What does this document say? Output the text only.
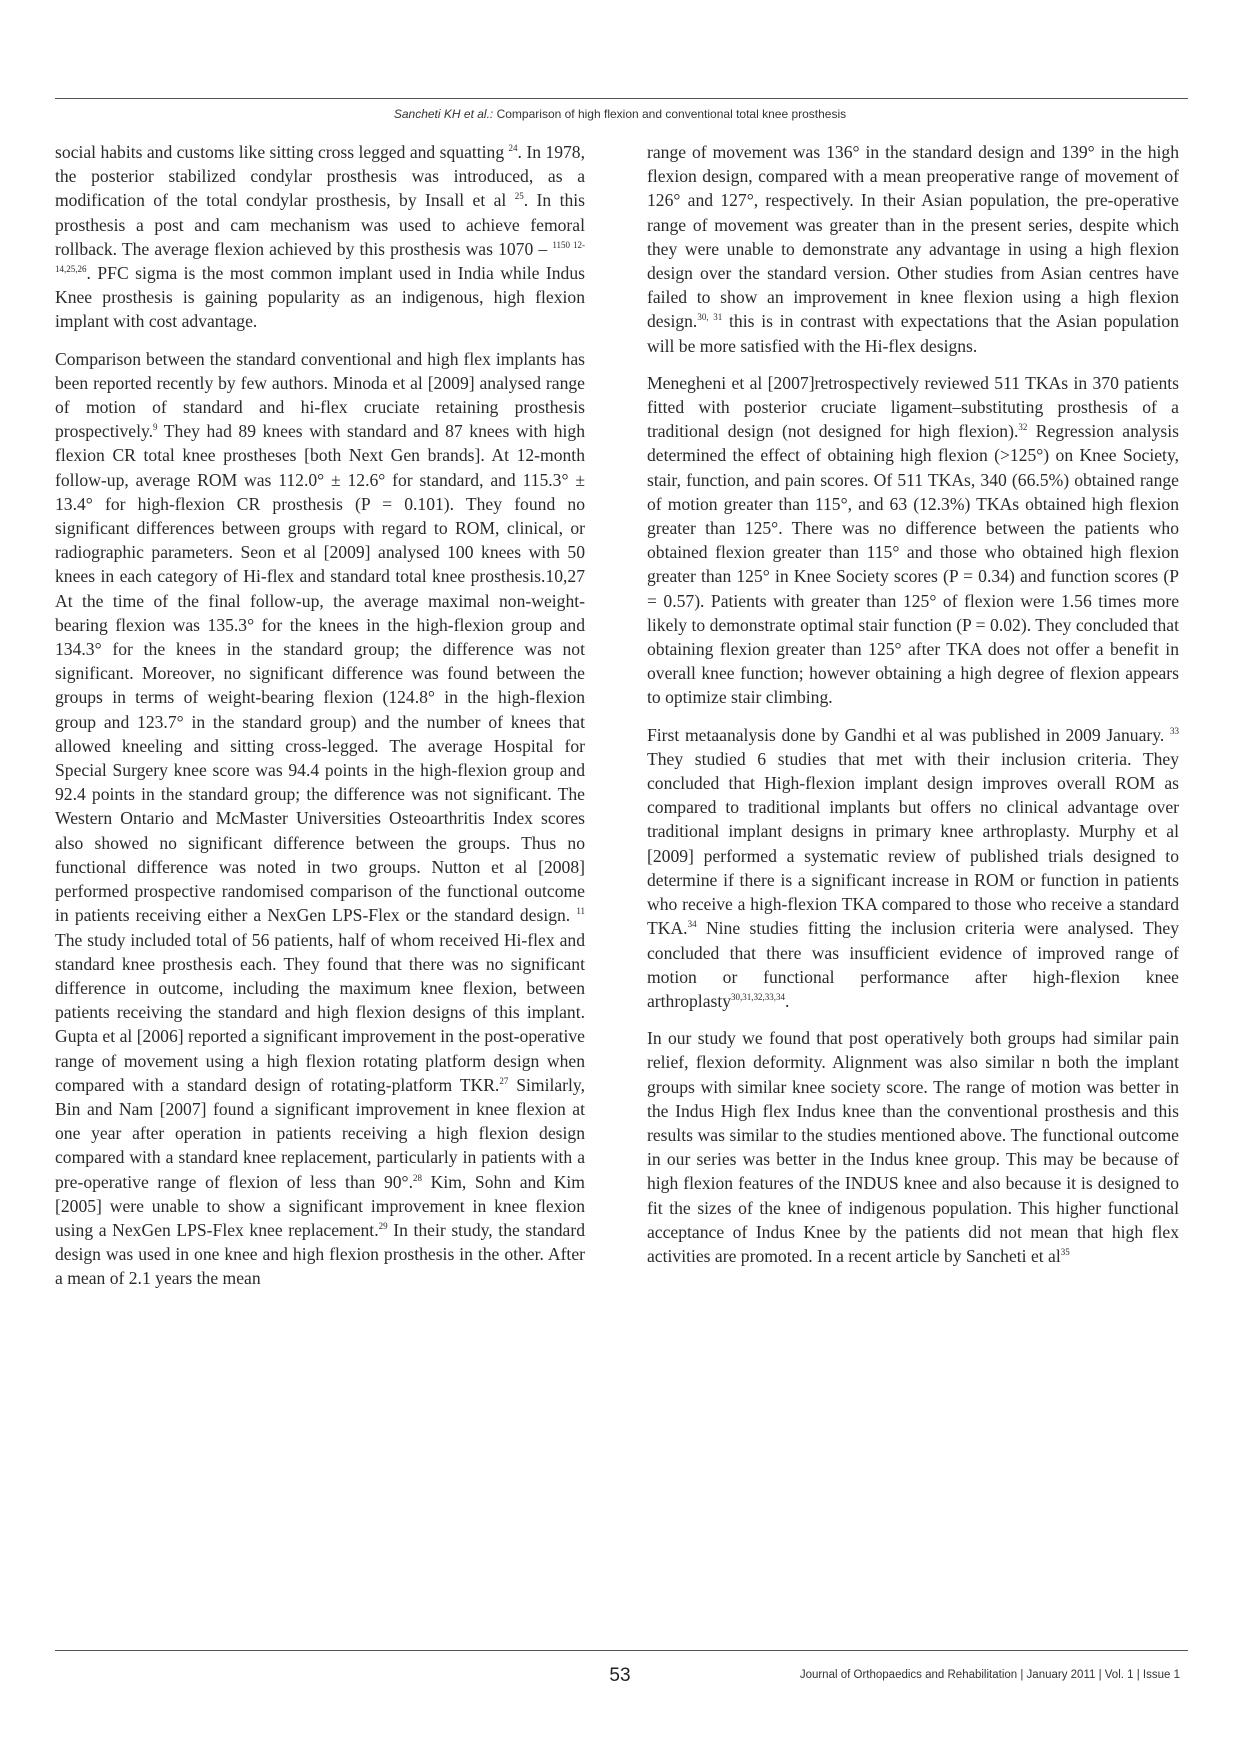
Sancheti KH et al.: Comparison of high flexion and conventional total knee prosthesis

social habits and customs like sitting cross legged and squatting $^{24}$. In 1978, the posterior stabilized condylar prosthesis was introduced, as a modification of the total condylar prosthesis, by Insall et al $^{25}$. In this prosthesis a post and cam mechanism was used to achieve femoral rollback. The average flexion achieved by this prosthesis was 1070 – $^{1150 12-14,25,26}$. PFC sigma is the most common implant used in India while Indus Knee prosthesis is gaining popularity as an indigenous, high flexion implant with cost advantage.

Comparison between the standard conventional and high flex implants has been reported recently by few authors. Minoda et al [2009] analysed range of motion of standard and hi-flex cruciate retaining prosthesis prospectively.$^9$ They had 89 knees with standard and 87 knees with high flexion CR total knee prostheses [both Next Gen brands]. At 12-month follow-up, average ROM was 112.0° ± 12.6° for standard, and 115.3° ± 13.4° for high-flexion CR prosthesis (P = 0.101). They found no significant differences between groups with regard to ROM, clinical, or radiographic parameters. Seon et al [2009] analysed 100 knees with 50 knees in each category of Hi-flex and standard total knee prosthesis.10,27 At the time of the final follow-up, the average maximal non-weight-bearing flexion was 135.3° for the knees in the high-flexion group and 134.3° for the knees in the standard group; the difference was not significant. Moreover, no significant difference was found between the groups in terms of weight-bearing flexion (124.8° in the high-flexion group and 123.7° in the standard group) and the number of knees that allowed kneeling and sitting cross-legged. The average Hospital for Special Surgery knee score was 94.4 points in the high-flexion group and 92.4 points in the standard group; the difference was not significant. The Western Ontario and McMaster Universities Osteoarthritis Index scores also showed no significant difference between the groups. Thus no functional difference was noted in two groups. Nutton et al [2008] performed prospective randomised comparison of the functional outcome in patients receiving either a NexGen LPS-Flex or the standard design. $^{11}$ The study included total of 56 patients, half of whom received Hi-flex and standard knee prosthesis each. They found that there was no significant difference in outcome, including the maximum knee flexion, between patients receiving the standard and high flexion designs of this implant. Gupta et al [2006] reported a significant improvement in the post-operative range of movement using a high flexion rotating platform design when compared with a standard design of rotating-platform TKR.$^{27}$ Similarly, Bin and Nam [2007] found a significant improvement in knee flexion at one year after operation in patients receiving a high flexion design compared with a standard knee replacement, particularly in patients with a pre-operative range of flexion of less than 90°.$^{28}$ Kim, Sohn and Kim [2005] were unable to show a significant improvement in knee flexion using a NexGen LPS-Flex knee replacement.$^{29}$ In their study, the standard design was used in one knee and high flexion prosthesis in the other. After a mean of 2.1 years the mean

range of movement was 136° in the standard design and 139° in the high flexion design, compared with a mean preoperative range of movement of 126° and 127°, respectively. In their Asian population, the pre-operative range of movement was greater than in the present series, despite which they were unable to demonstrate any advantage in using a high flexion design over the standard version. Other studies from Asian centres have failed to show an improvement in knee flexion using a high flexion design.$^{30, 31}$ this is in contrast with expectations that the Asian population will be more satisfied with the Hi-flex designs.

Menegheni et al [2007]retrospectively reviewed 511 TKAs in 370 patients fitted with posterior cruciate ligament–substituting prosthesis of a traditional design (not designed for high flexion).$^{32}$ Regression analysis determined the effect of obtaining high flexion (>125°) on Knee Society, stair, function, and pain scores. Of 511 TKAs, 340 (66.5%) obtained range of motion greater than 115°, and 63 (12.3%) TKAs obtained high flexion greater than 125°. There was no difference between the patients who obtained flexion greater than 115° and those who obtained high flexion greater than 125° in Knee Society scores (P = 0.34) and function scores (P = 0.57). Patients with greater than 125° of flexion were 1.56 times more likely to demonstrate optimal stair function (P = 0.02). They concluded that obtaining flexion greater than 125° after TKA does not offer a benefit in overall knee function; however obtaining a high degree of flexion appears to optimize stair climbing.

First metaanalysis done by Gandhi et al was published in 2009 January. $^{33}$ They studied 6 studies that met with their inclusion criteria. They concluded that High-flexion implant design improves overall ROM as compared to traditional implants but offers no clinical advantage over traditional implant designs in primary knee arthroplasty. Murphy et al [2009] performed a systematic review of published trials designed to determine if there is a significant increase in ROM or function in patients who receive a high-flexion TKA compared to those who receive a standard TKA.$^{34}$ Nine studies fitting the inclusion criteria were analysed. They concluded that there was insufficient evidence of improved range of motion or functional performance after high-flexion knee arthroplasty$^{30,31,32,33,34}$.

In our study we found that post operatively both groups had similar pain relief, flexion deformity. Alignment was also similar n both the implant groups with similar knee society score. The range of motion was better in the Indus High flex Indus knee than the conventional prosthesis and this results was similar to the studies mentioned above. The functional outcome in our series was better in the Indus knee group. This may be because of high flexion features of the INDUS knee and also because it is designed to fit the sizes of the knee of indigenous population. This higher functional acceptance of Indus Knee by the patients did not mean that high flex activities are promoted. In a recent article by Sancheti et $al^{35}$

53	Journal of Orthopaedics and Rehabilitation | January 2011 | Vol. 1 | Issue 1
